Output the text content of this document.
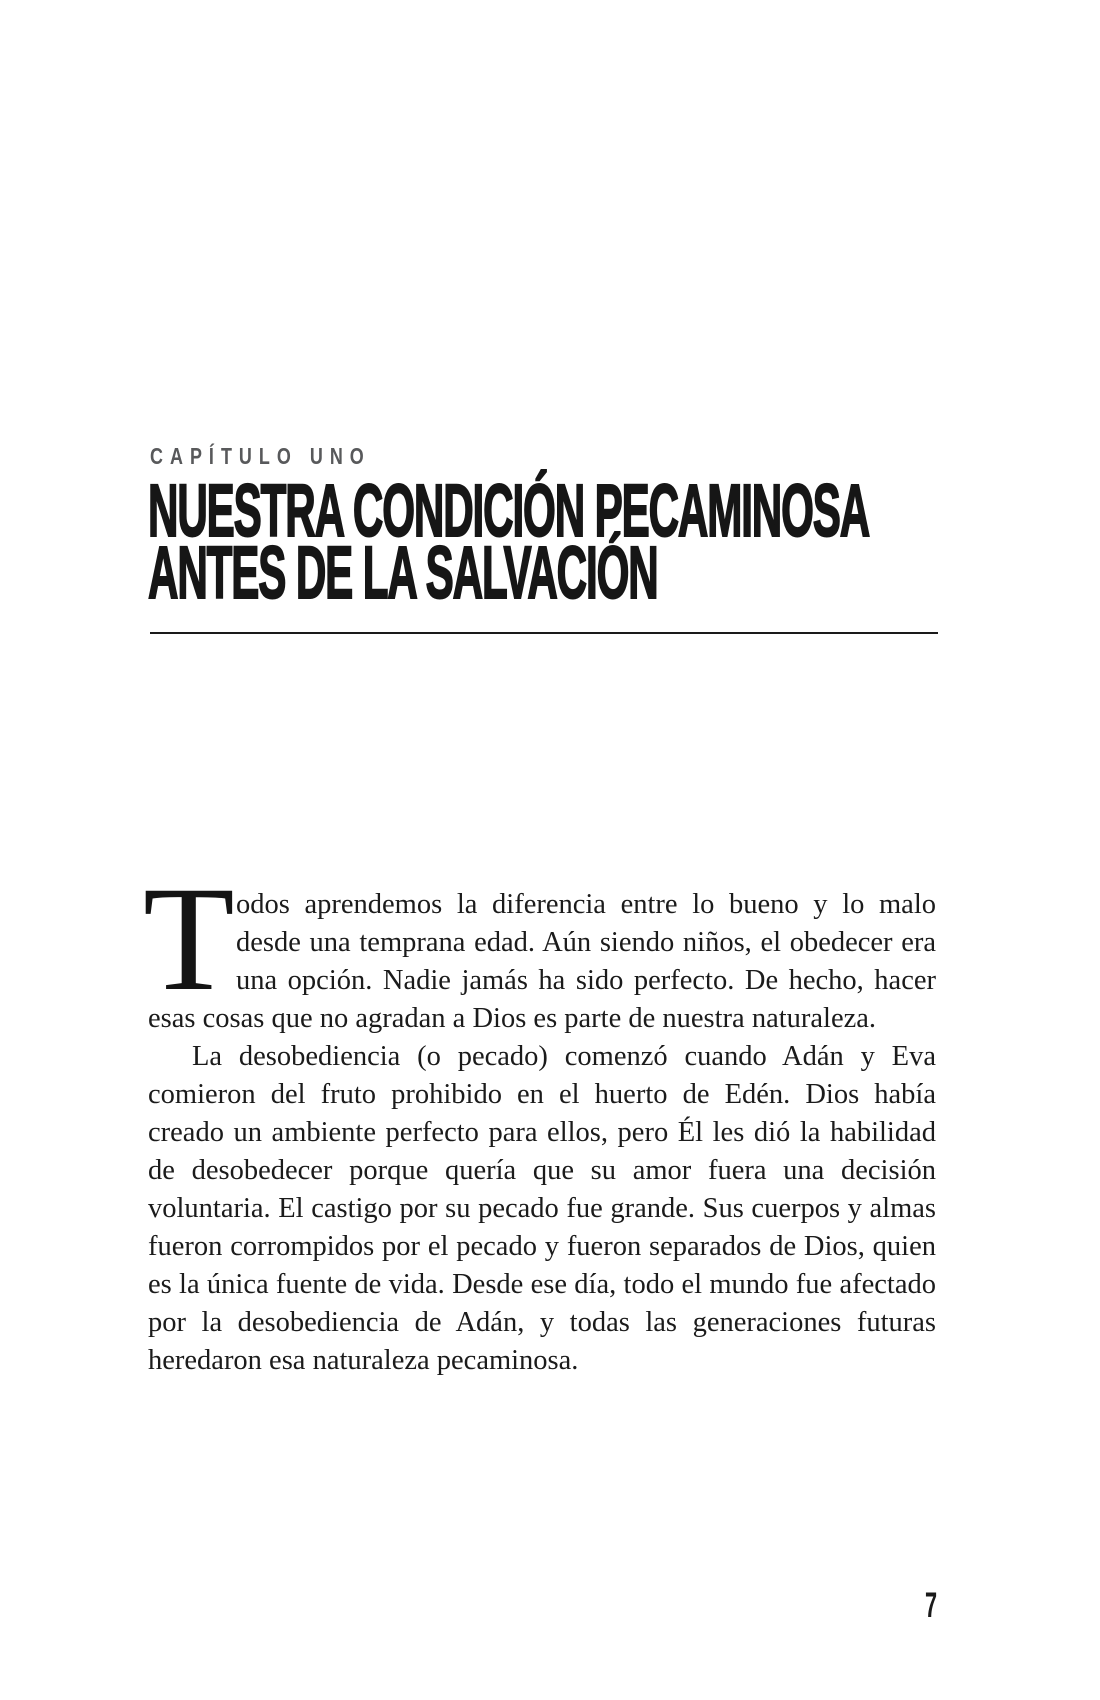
CAPÍTULO UNO
NUESTRA CONDICIÓN PECAMINOSA
ANTES DE LA SALVACIÓN

T odos aprendemos la diferencia entre lo bueno y lo malo desde una temprana edad. Aún siendo niños, el obedecer era una opción. Nadie jamás ha sido perfecto. De hecho, hacer esas cosas que no agradan a Dios es parte de nuestra naturaleza.

La desobediencia (o pecado) comenzó cuando Adán y Eva comieron del fruto prohibido en el huerto de Edén. Dios había creado un ambiente perfecto para ellos, pero Él les dió la habilidad de desobedecer porque quería que su amor fuera una decisión voluntaria. El castigo por su pecado fue grande. Sus cuerpos y almas fueron corrompidos por el pecado y fueron separados de Dios, quien es la única fuente de vida. Desde ese día, todo el mundo fue afectado por la desobediencia de Adán, y todas las generaciones futuras heredaron esa naturaleza pecaminosa.

7
